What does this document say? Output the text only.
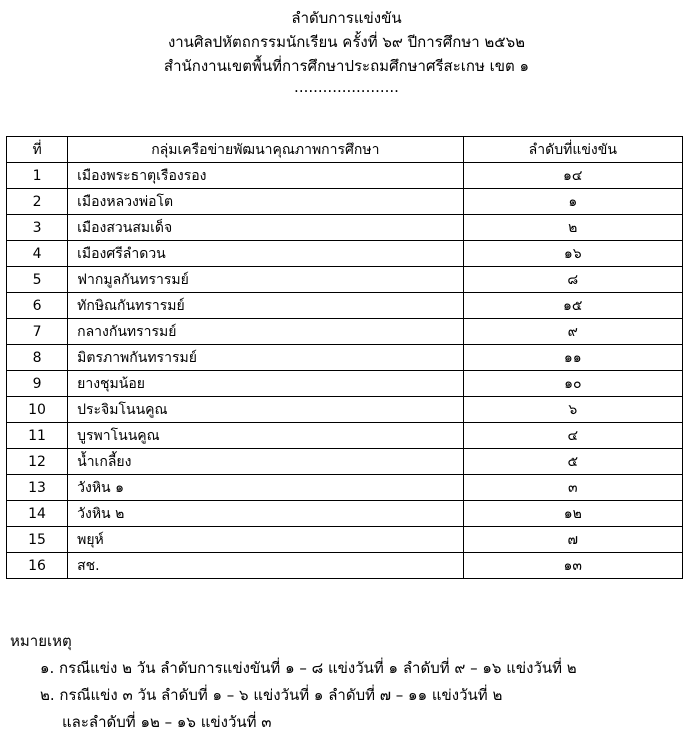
ลำดับการแข่งขัน
งานศิลปหัตถกรรมนักเรียน ครั้งที่ ๖๙ ปีการศึกษา ๒๕๖๒
สำนักงานเขตพื้นที่การศึกษาประถมศึกษาศรีสะเกษ เขต ๑
......................
ที่	กลุ่มเครือข่ายพัฒนาคุณภาพการศึกษา	ลำดับที่แข่งขัน
1	เมืองพระธาตุเรืองรอง	๑๔
2	เมืองหลวงพ่อโต	๑
3	เมืองสวนสมเด็จ	๒
4	เมืองศรีลำดวน	๑๖
5	ฟากมูลกันทรารมย์	๘
6	ทักษิณกันทรารมย์	๑๕
7	กลางกันทรารมย์	๙
8	มิตรภาพกันทรารมย์	๑๑
9	ยางชุมน้อย	๑๐
10	ประจิมโนนคูณ	๖
11	บูรพาโนนคูณ	๔
12	น้ำเกลี้ยง	๕
13	วังหิน ๑	๓
14	วังหิน ๒	๑๒
15	พยุห์	๗
16	สช.	๑๓
หมายเหตุ
๑. กรณีแข่ง ๒ วัน ลำดับการแข่งขันที่ ๑ – ๘ แข่งวันที่ ๑ ลำดับที่ ๙ – ๑๖ แข่งวันที่ ๒
๒. กรณีแข่ง ๓ วัน ลำดับที่ ๑ – ๖ แข่งวันที่ ๑ ลำดับที่ ๗ – ๑๑ แข่งวันที่ ๒
และลำดับที่ ๑๒ – ๑๖ แข่งวันที่ ๓
